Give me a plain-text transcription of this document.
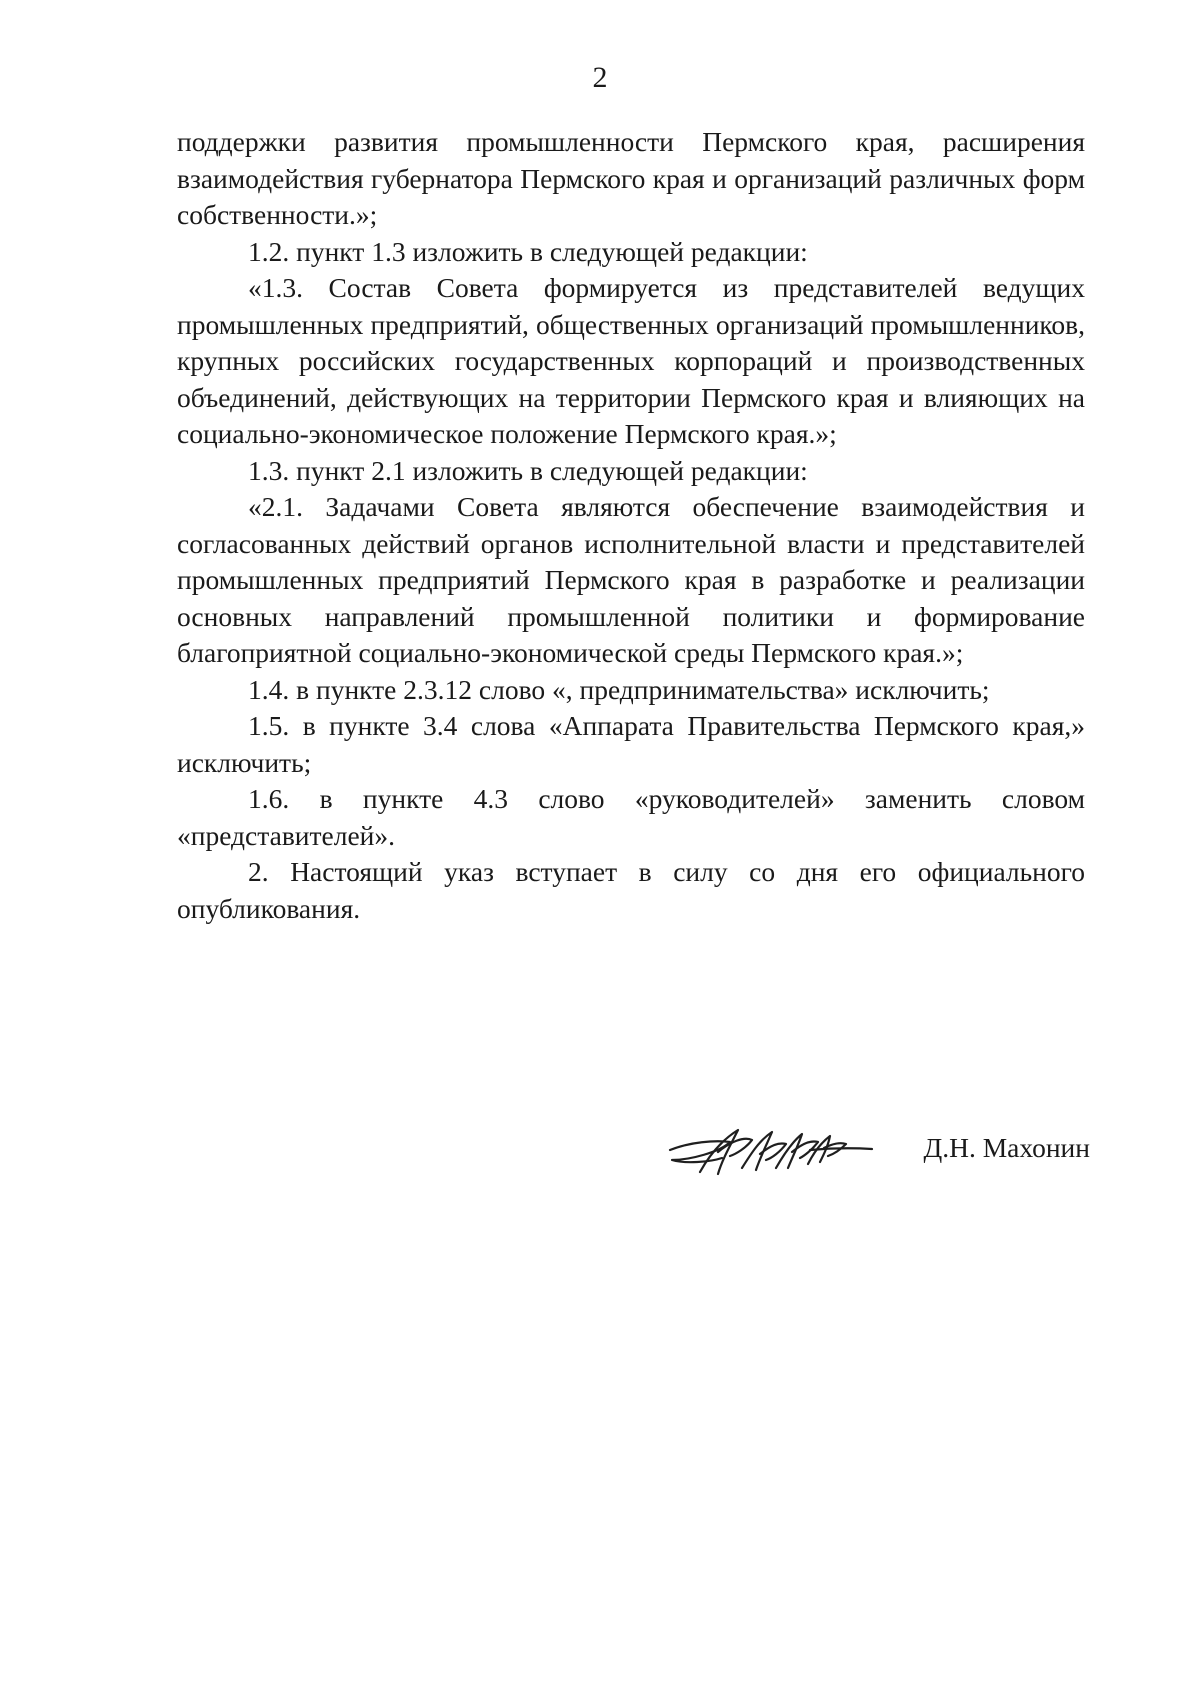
2

поддержки развития промышленности Пермского края, расширения взаимодействия губернатора Пермского края и организаций различных форм собственности.»;

1.2. пункт 1.3 изложить в следующей редакции:

«1.3. Состав Совета формируется из представителей ведущих промышленных предприятий, общественных организаций промышленников, крупных российских государственных корпораций и производственных объединений, действующих на территории Пермского края и влияющих на социально-экономическое положение Пермского края.»;

1.3. пункт 2.1 изложить в следующей редакции:

«2.1. Задачами Совета являются обеспечение взаимодействия и согласованных действий органов исполнительной власти и представителей промышленных предприятий Пермского края в разработке и реализации основных направлений промышленной политики и формирование благоприятной социально-экономической среды Пермского края.»;

1.4. в пункте 2.3.12 слово «, предпринимательства» исключить;

1.5. в пункте 3.4 слова «Аппарата Правительства Пермского края,» исключить;

1.6. в пункте 4.3 слово «руководителей» заменить словом «представителей».

2. Настоящий указ вступает в силу со дня его официального опубликования.

Д.Н. Махонин
